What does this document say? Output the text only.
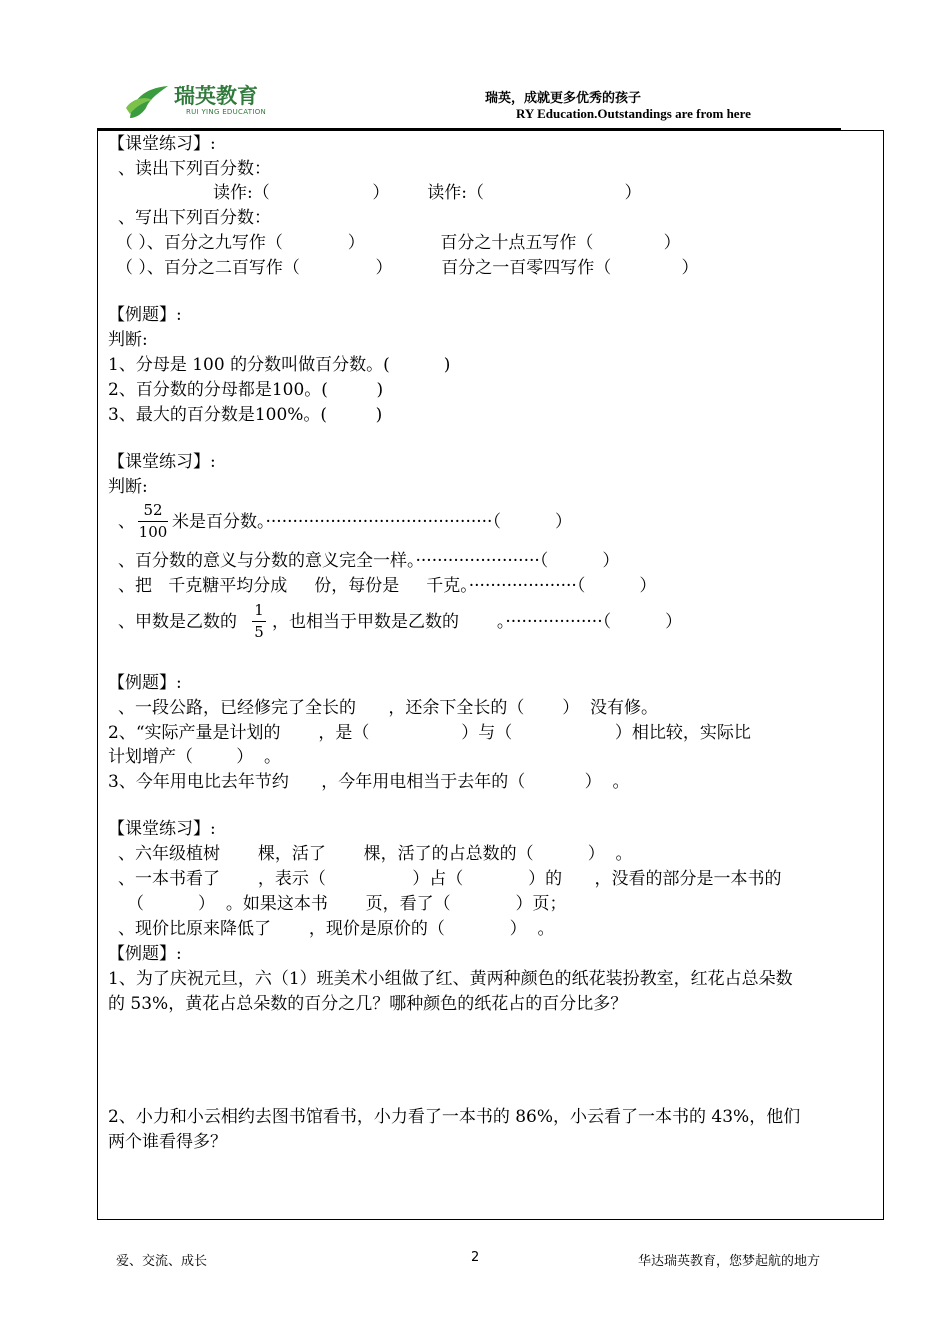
瑞英教育
RUI YING EDUCATION
瑞英，成就更多优秀的孩子
RY Education.Outstandings are from here
【课堂练习】:
、读出下列百分数：
读作:（                   ）       读作:（                          ）
、写出下列百分数：
（ ）、百分之九写作（            ）              百分之十点五写作（             ）
（ ）、百分之二百写作（              ）         百分之一百零四写作（             ）
【例题】:
判断:
1、分母是 100 的分数叫做百分数。(          )
2、百分数的分母都是100。(         )
3、最大的百分数是100%。(         )
【课堂练习】:
判断:
、 米是百分数。··········································（          ）
、百分数的意义与分数的意义完全一样。·······················（          ）
、把   千克糖平均分成     份，每份是     千克。····················（          ）
、甲数是乙数的 ，也相当于甲数是乙数的       。··················（          ）
【例题】:
、一段公路，已经修完了全长的      ，还余下全长的（       ）  没有修。
2、“实际产量是计划的       ，是（                 ）与（                   ）相比较，实际比
计划增产（        ）  。
3、今年用电比去年节约      ，今年用电相当于去年的（           ）  。
【课堂练习】:
、六年级植树       棵，活了       棵，活了的占总数的（          ）  。
、一本书看了       ，表示（                ）占（            ）的      ，没看的部分是一本书的
（          ）  。如果这本书       页，看了（            ）页；
、现价比原来降低了       ，现价是原价的（            ）  。
【例题】:
1、为了庆祝元旦，六（1）班美术小组做了红、黄两种颜色的纸花装扮教室，红花占总朵数
的 53%，黄花占总朵数的百分之几？哪种颜色的纸花占的百分比多？
2、小力和小云相约去图书馆看书，小力看了一本书的 86%，小云看了一本书的 43%，他们
两个谁看得多？
52
100
1
5
爱、交流、成长	2	华达瑞英教育，您梦起航的地方
